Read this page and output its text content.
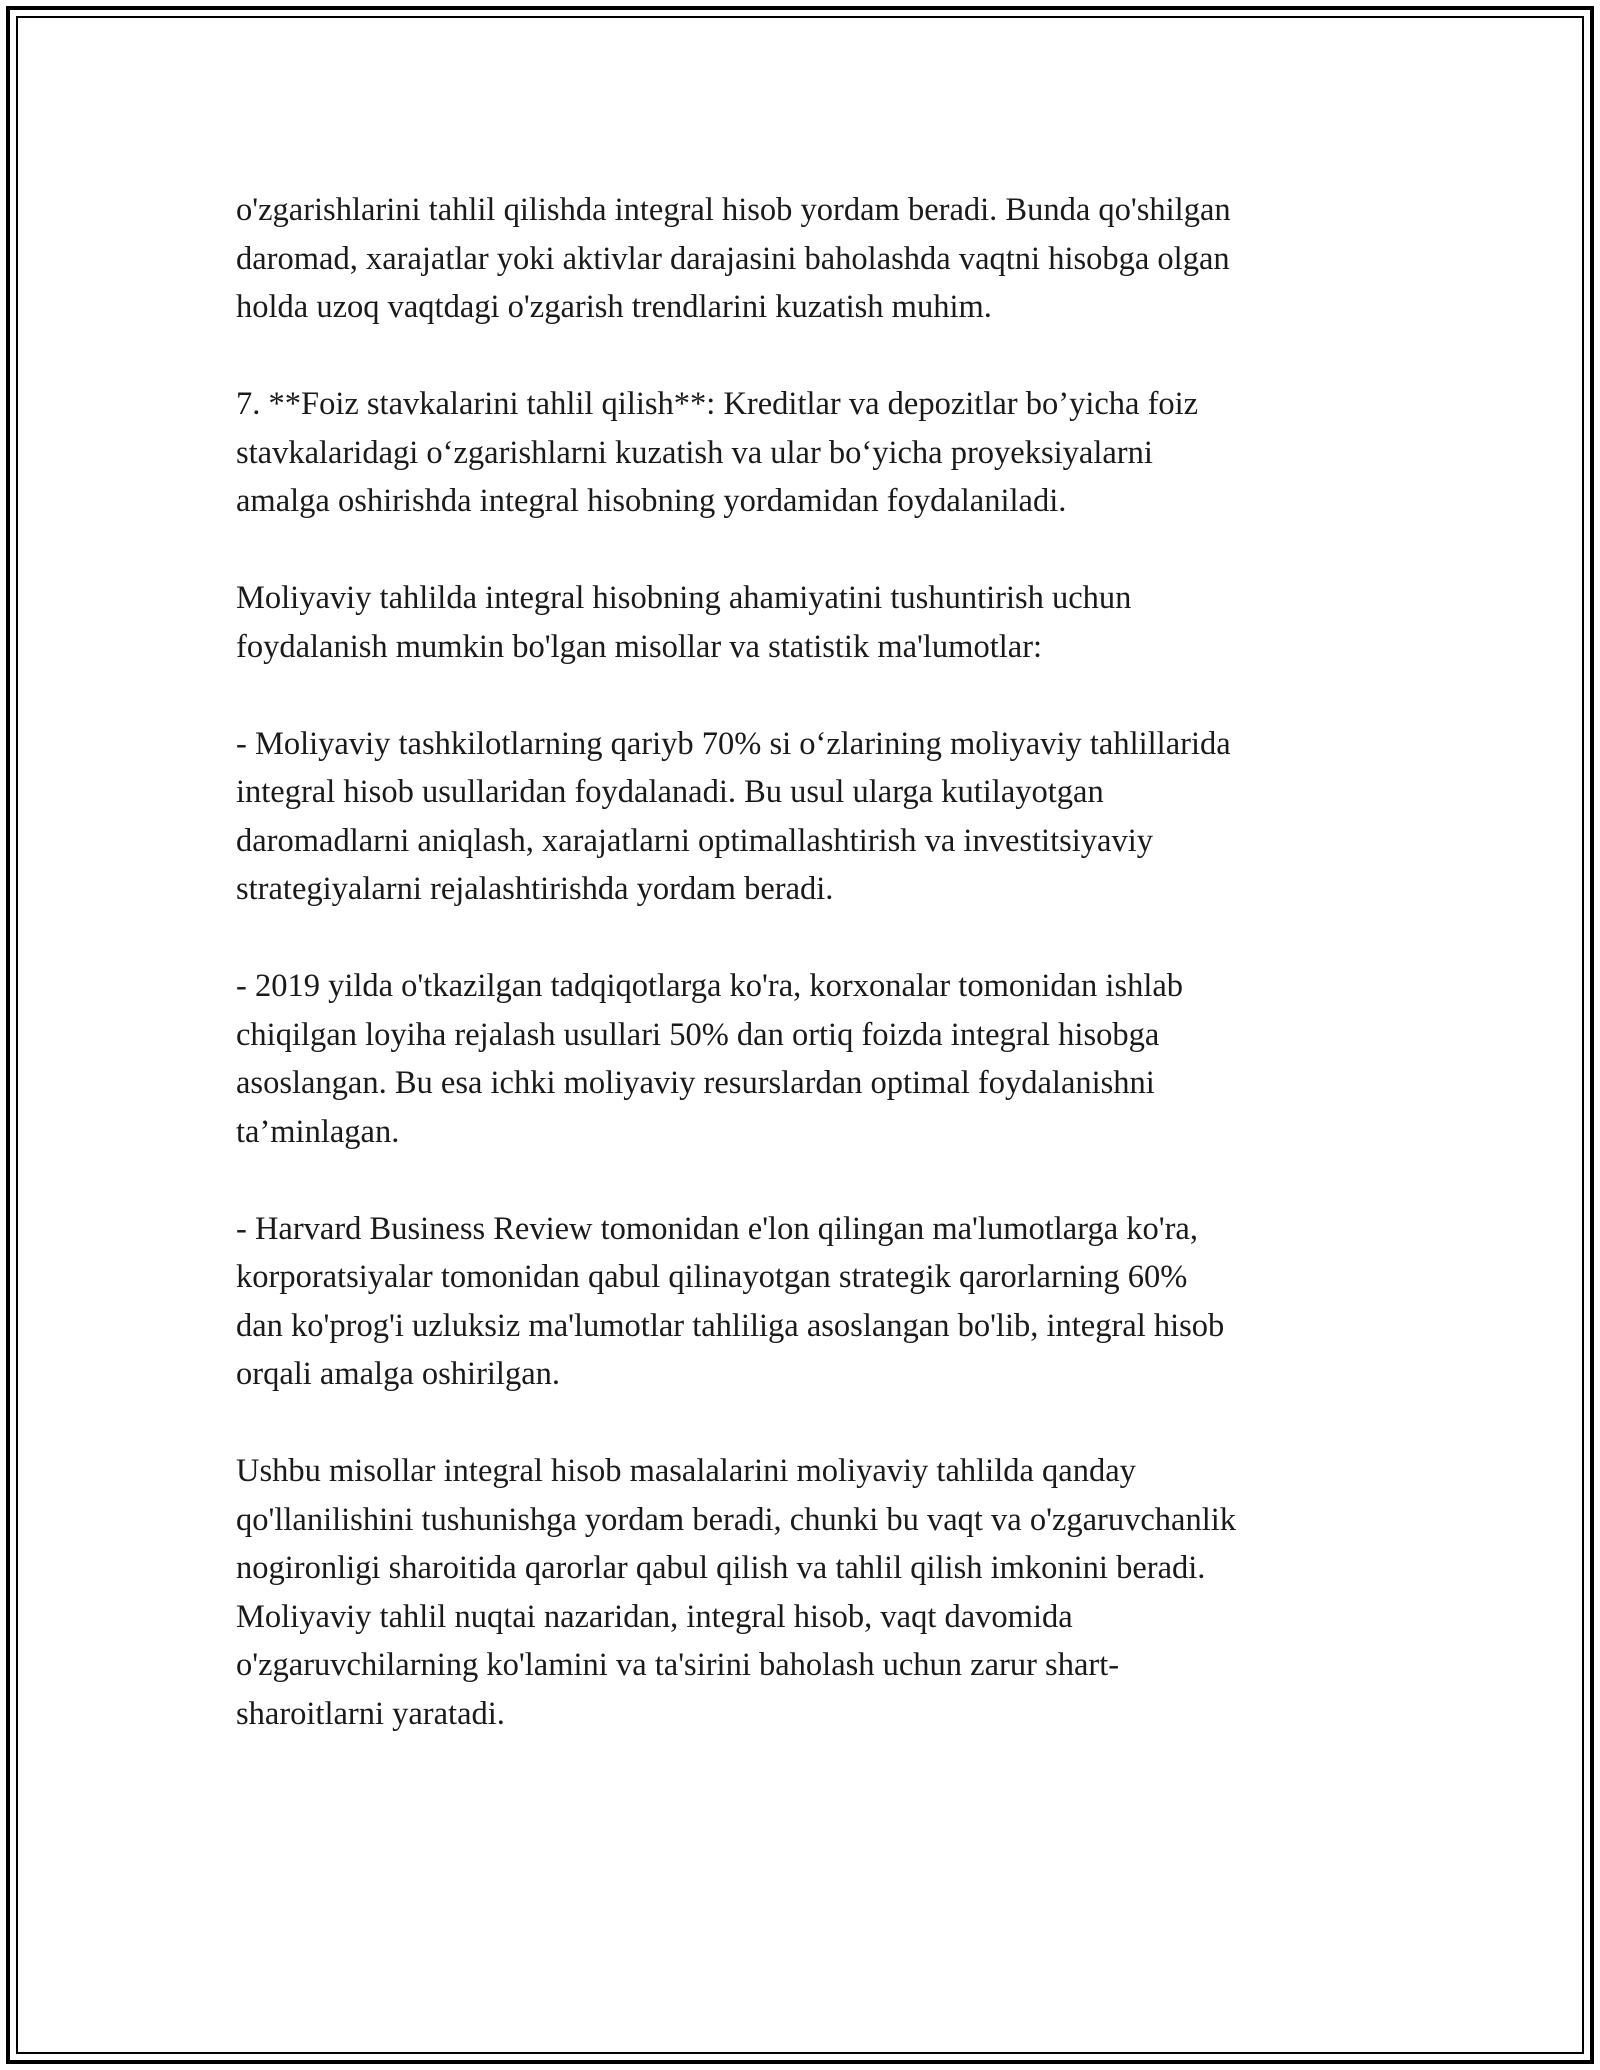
o'zgarishlarini tahlil qilishda integral hisob yordam beradi. Bunda qo'shilgan
daromad, xarajatlar yoki aktivlar darajasini baholashda vaqtni hisobga olgan
holda uzoq vaqtdagi o'zgarish trendlarini kuzatish muhim.

7. **Foiz stavkalarini tahlil qilish**: Kreditlar va depozitlar bo’yicha foiz
stavkalaridagi o‘zgarishlarni kuzatish va ular bo‘yicha proyeksiyalarni
amalga oshirishda integral hisobning yordamidan foydalaniladi.

Moliyaviy tahlilda integral hisobning ahamiyatini tushuntirish uchun
foydalanish mumkin bo'lgan misollar va statistik ma'lumotlar:

- Moliyaviy tashkilotlarning qariyb 70% si o‘zlarining moliyaviy tahlillarida
integral hisob usullaridan foydalanadi. Bu usul ularga kutilayotgan
daromadlarni aniqlash, xarajatlarni optimallashtirish va investitsiyaviy
strategiyalarni rejalashtirishda yordam beradi.

- 2019 yilda o'tkazilgan tadqiqotlarga ko'ra, korxonalar tomonidan ishlab
chiqilgan loyiha rejalash usullari 50% dan ortiq foizda integral hisobga
asoslangan. Bu esa ichki moliyaviy resurslardan optimal foydalanishni
ta’minlagan.

- Harvard Business Review tomonidan e'lon qilingan ma'lumotlarga ko'ra,
korporatsiyalar tomonidan qabul qilinayotgan strategik qarorlarning 60%
dan ko'prog'i uzluksiz ma'lumotlar tahliliga asoslangan bo'lib, integral hisob
orqali amalga oshirilgan.

Ushbu misollar integral hisob masalalarini moliyaviy tahlilda qanday
qo'llanilishini tushunishga yordam beradi, chunki bu vaqt va o'zgaruvchanlik
nogironligi sharoitida qarorlar qabul qilish va tahlil qilish imkonini beradi.
Moliyaviy tahlil nuqtai nazaridan, integral hisob, vaqt davomida
o'zgaruvchilarning ko'lamini va ta'sirini baholash uchun zarur shart-
sharoitlarni yaratadi.
